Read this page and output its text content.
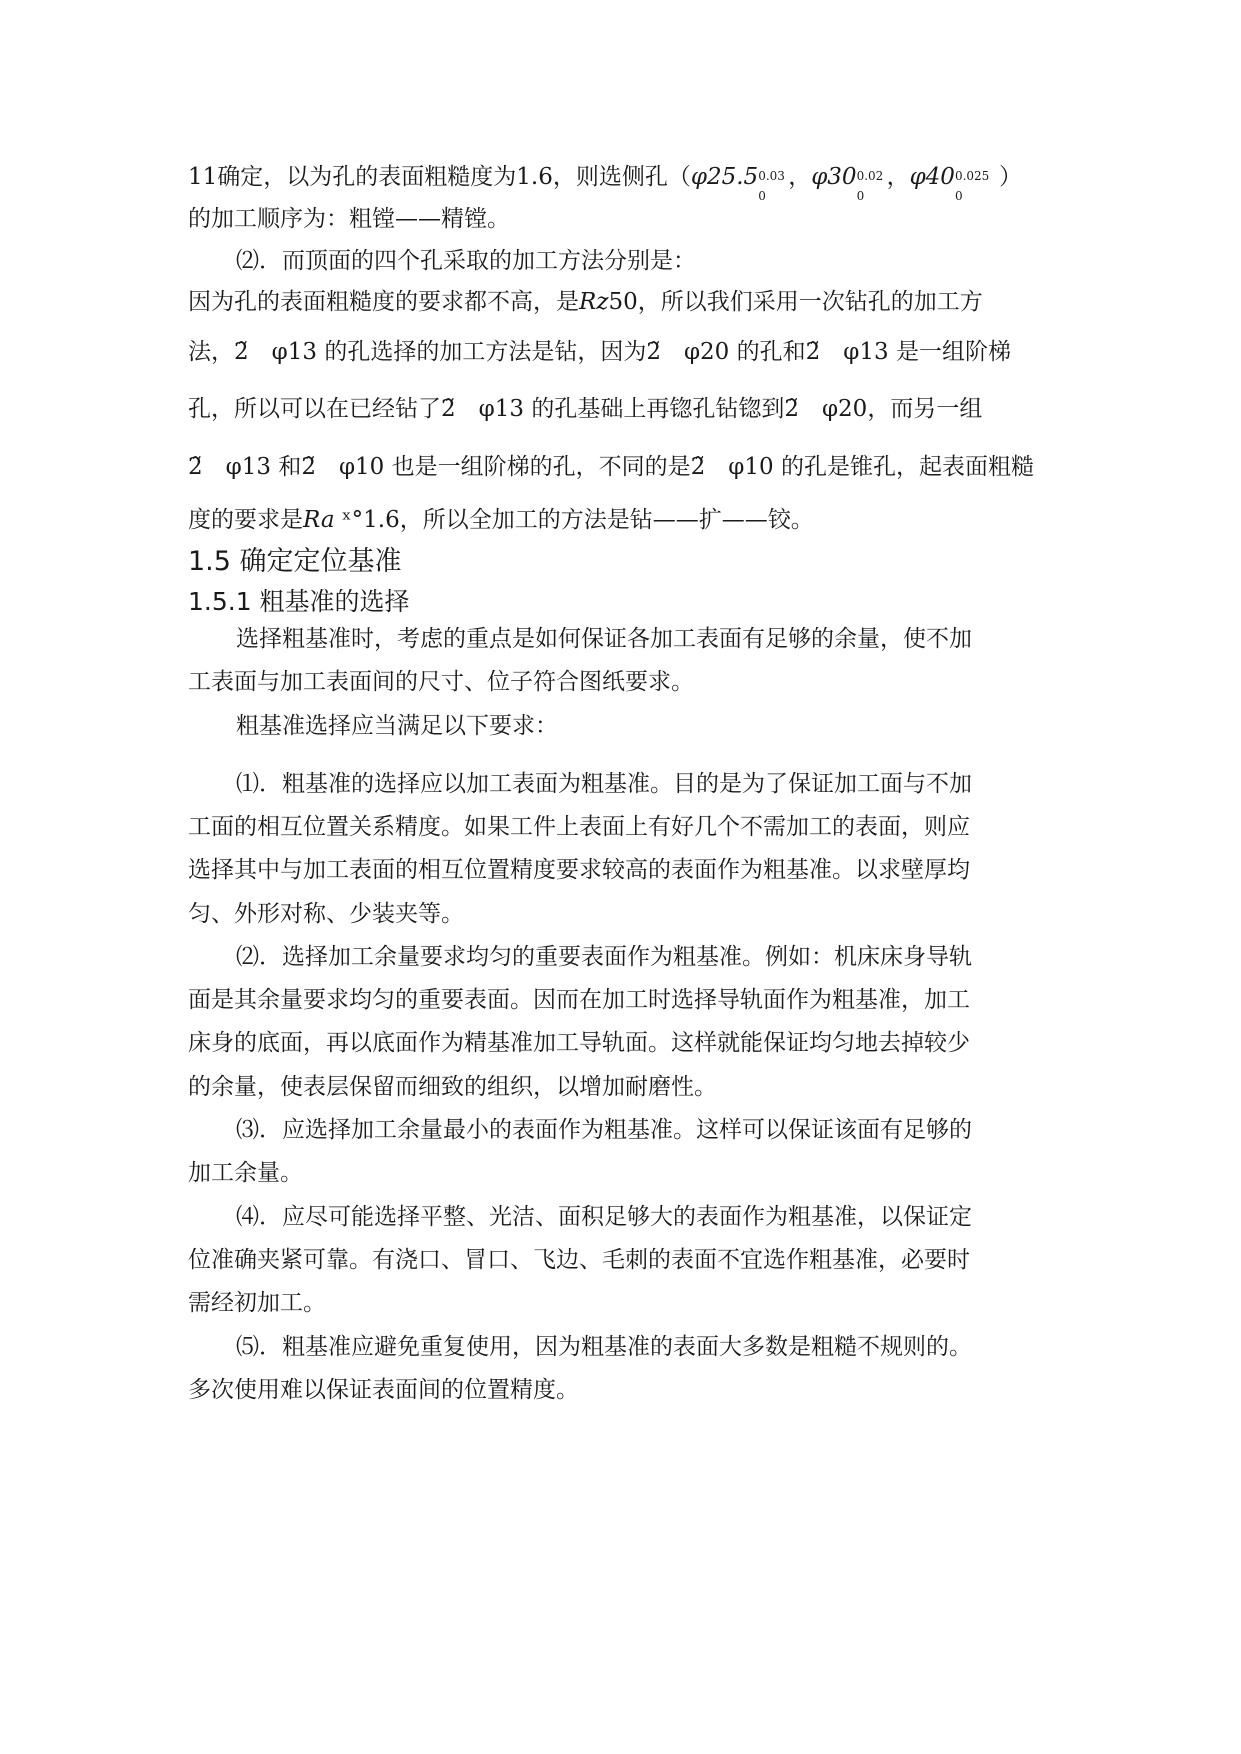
11确定，以为孔的表面粗糙度为1.6，则选侧孔（φ25.5 0.03
0
，φ30 0.02
0
，φ40 0.025
0
）
的加工顺序为：粗镗——精镗。
⑵．而顶面的四个孔采取的加工方法分别是：
因为孔的表面粗糙度的要求都不高，是Rz50，所以我们采用一次钻孔的加工方
法，2̃　φ13 的孔选择的加工方法是钻，因为2̃　φ20 的孔和2̃　φ13 是一组阶梯
孔，所以可以在已经钻了2̃　φ13 的孔基础上再锪孔钻锪到2̃　φ20，而另一组
2̃　φ13 和2̃　φ10 也是一组阶梯的孔，不同的是2̃　φ10 的孔是锥孔，起表面粗糙
度的要求是Ra ˣ°1.6，所以全加工的方法是钻——扩——铰。
1.5 确定定位基准
1.5.1 粗基准的选择
选择粗基准时，考虑的重点是如何保证各加工表面有足够的余量，使不加
工表面与加工表面间的尺寸、位子符合图纸要求。
粗基准选择应当满足以下要求：
⑴．粗基准的选择应以加工表面为粗基准。目的是为了保证加工面与不加
工面的相互位置关系精度。如果工件上表面上有好几个不需加工的表面，则应
选择其中与加工表面的相互位置精度要求较高的表面作为粗基准。以求壁厚均
匀、外形对称、少装夹等。
⑵．选择加工余量要求均匀的重要表面作为粗基准。例如：机床床身导轨
面是其余量要求均匀的重要表面。因而在加工时选择导轨面作为粗基准，加工
床身的底面，再以底面作为精基准加工导轨面。这样就能保证均匀地去掉较少
的余量，使表层保留而细致的组织，以增加耐磨性。
⑶．应选择加工余量最小的表面作为粗基准。这样可以保证该面有足够的
加工余量。
⑷．应尽可能选择平整、光洁、面积足够大的表面作为粗基准，以保证定
位准确夹紧可靠。有浇口、冒口、飞边、毛刺的表面不宜选作粗基准，必要时
需经初加工。
⑸．粗基准应避免重复使用，因为粗基准的表面大多数是粗糙不规则的。
多次使用难以保证表面间的位置精度。
